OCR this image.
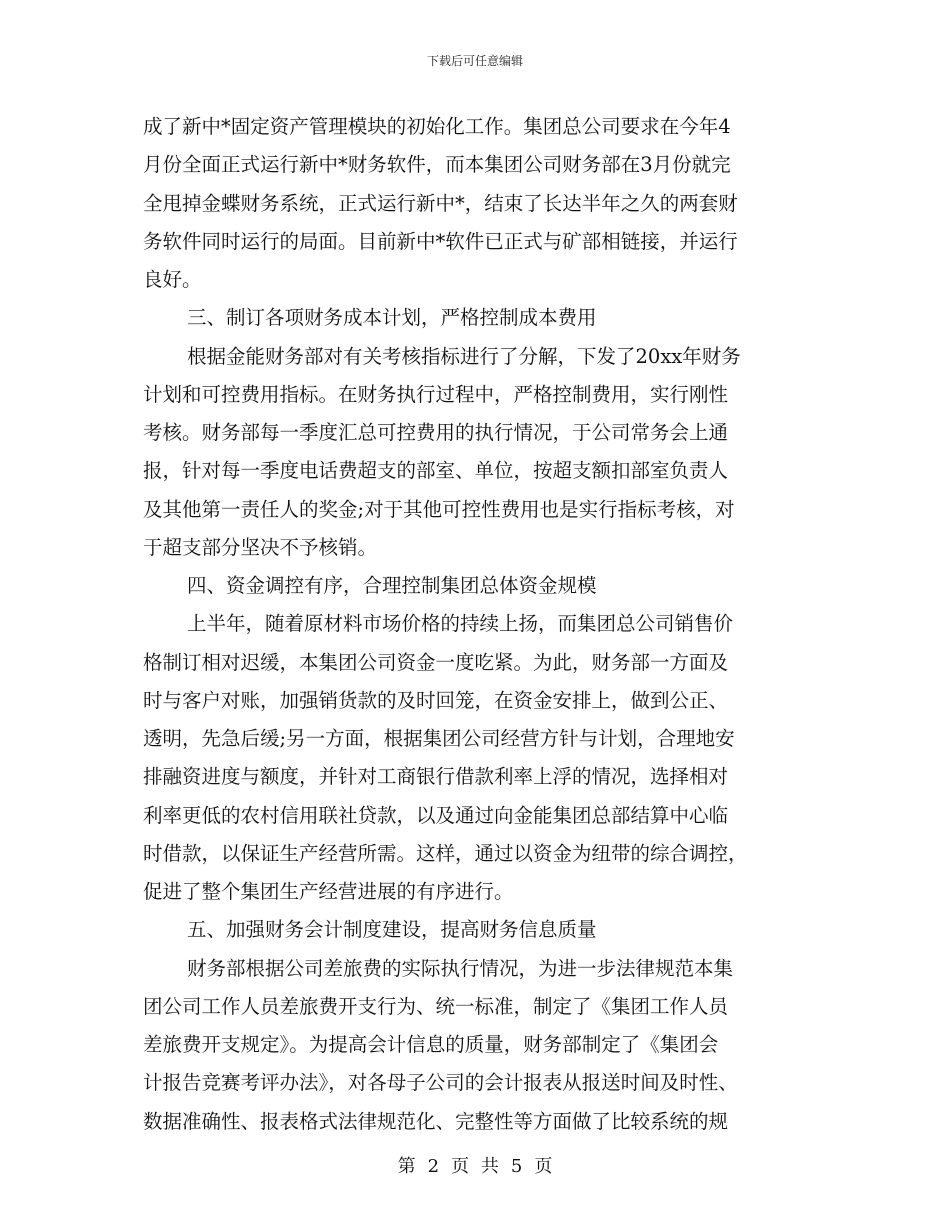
下载后可任意编辑
成了新中*固定资产管理模块的初始化工作。集团总公司要求在今年4
月份全面正式运行新中*财务软件，而本集团公司财务部在3月份就完
全甩掉金蝶财务系统，正式运行新中*，结束了长达半年之久的两套财
务软件同时运行的局面。目前新中*软件已正式与矿部相链接，并运行
良好。
三、制订各项财务成本计划，严格控制成本费用
根据金能财务部对有关考核指标进行了分解，下发了20xx年财务
计划和可控费用指标。在财务执行过程中，严格控制费用，实行刚性
考核。财务部每一季度汇总可控费用的执行情况，于公司常务会上通
报，针对每一季度电话费超支的部室、单位，按超支额扣部室负责人
及其他第一责任人的奖金;对于其他可控性费用也是实行指标考核，对
于超支部分坚决不予核销。
四、资金调控有序，合理控制集团总体资金规模
上半年，随着原材料市场价格的持续上扬，而集团总公司销售价
格制订相对迟缓，本集团公司资金一度吃紧。为此，财务部一方面及
时与客户对账，加强销货款的及时回笼，在资金安排上，做到公正、
透明，先急后缓;另一方面，根据集团公司经营方针与计划，合理地安
排融资进度与额度，并针对工商银行借款利率上浮的情况，选择相对
利率更低的农村信用联社贷款，以及通过向金能集团总部结算中心临
时借款，以保证生产经营所需。这样，通过以资金为纽带的综合调控，
促进了整个集团生产经营进展的有序进行。
五、加强财务会计制度建设，提高财务信息质量
财务部根据公司差旅费的实际执行情况，为进一步法律规范本集
团公司工作人员差旅费开支行为、统一标准，制定了《集团工作人员
差旅费开支规定》。为提高会计信息的质量，财务部制定了《集团会
计报告竞赛考评办法》，对各母子公司的会计报表从报送时间及时性、
数据准确性、报表格式法律规范化、完整性等方面做了比较系统的规
第 2 页 共 5 页
